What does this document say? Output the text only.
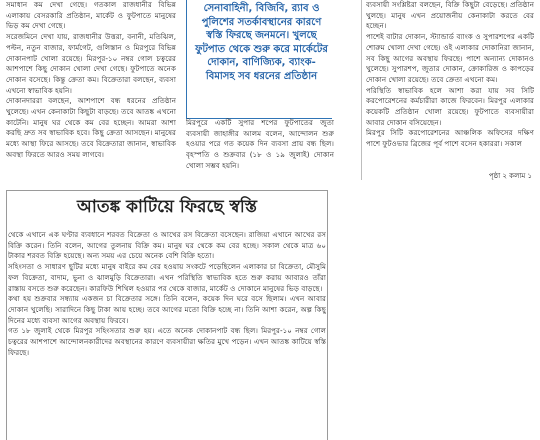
সমাধান কম দেখা গেছে। গতকাল রাজধানীর বিভিন্ন এলাকায় বেসরকারি প্রতিষ্ঠান, মার্কেট ও ফুটপাতে মানুষের ভিড় কম দেখা গেছে।

সরেজমিনে দেখা যায়, রাজধানীর উত্তরা, বনানী, মতিঝিল, পল্টন, নতুন বাজার, ফার্মগেট, গুলিস্তান ও মিরপুরে বিভিন্ন দোকানপাট খোলা রয়েছে। মিরপুর-১০ নম্বর গোল চত্বরের আশপাশে কিছু দোকান খোলা দেখা গেছে। ফুটপাতে অনেক দোকান বসেছে। কিন্তু ক্রেতা কম। বিক্রেতারা বলছেন, ব্যবসা এখনো স্বাভাবিক হয়নি।

দোকানদাররা বলছেন, আশপাশে বন্ধ ধরনের প্রতিষ্ঠান খুলেছে। এখন কেনাকাটা কিছুটা বাড়ছে। তবে আতঙ্ক এখনো কাটেনি। মানুষ ঘর থেকে কম বের হচ্ছেন। আমরা আশা করছি দ্রুত সব স্বাভাবিক হবে। কিছু ক্রেতা আসছেন। মানুষের মধ্যে আস্থা ফিরে আসছে। তবে বিক্রেতারা জানান, স্বাভাবিক অবস্থা ফিরতে আরও সময় লাগবে।

সেনাবাহিনী, বিজিবি, র‍্যাব ও পুলিশের সতর্কাবস্থানের কারণে স্বস্তি ফিরছে জনমনে। খুলছে ফুটপাত থেকে শুরু করে মার্কেটের দোকান, বাণিজ্যিক, ব্যাংক-বিমাসহ সব ধরনের প্রতিষ্ঠান

মিরপুরে একটি সুপার শপের ফুটপাতের জুতা ব্যবসায়ী জাহাঙ্গীর আলম বলেন, আন্দোলন শুরু হওয়ার পরে গত কয়েক দিন ব্যবসা প্রায় বন্ধ ছিল। বৃহস্পতি ও শুক্রবার (১৮ ও ১৯ জুলাই) দোকান খোলা সম্ভব হয়নি।

ব্যবসায়ী সংশ্লিষ্টরা বলছেন, বিক্রি কিছুটা বেড়েছে। প্রতিষ্ঠান খুলছে। মানুষ এখন প্রয়োজনীয় কেনাকাটা করতে বের হচ্ছেন।

পাশেই বাটার দোকান, স্ট্যান্ডার্ড ব্যাংক ও সুপারশপের একটি শোরুম খোলা দেখা গেছে। ওই এলাকার দোকানিরা জানান, সব কিছু আগের অবস্থায় ফিরছে। পাশে অন্যান্য দোকানও খুলেছে। সুপারশপ, জুতার দোকান, ক্রোকারিজ ও কাপড়ের দোকান খোলা রয়েছে। তবে ক্রেতা এখনো কম।

পরিস্থিতি স্বাভাবিক হলে আশা করা যায় সব সিটি করপোরেশনের কর্মচারীরা কাজে ফিরবেন। মিরপুর এলাকার কয়েকটি প্রতিষ্ঠান খোলা রয়েছে। ফুটপাতে ব্যবসায়ীরা আবার দোকান বসিয়েছেন।

মিরপুর সিটি করপোরেশনের আঞ্চলিক অফিসের দক্ষিণ পাশে ফুটওভার ব্রিজের পূর্ব পাশে বসেন হকাররা। সকাল

পৃষ্ঠা ২ কলাম ১
আতঙ্ক কাটিয়ে ফিরছে স্বস্তি

থেকে এখানে এক ঘণ্টার ব্যবধানে শরবত বিক্রেতা ও আখের রস বিক্রেতা বসেছেন। রাজিয়া এখানে আখের রস বিক্রি করেন। তিনি বলেন, আগের তুলনায় বিক্রি কম। মানুষ ঘর থেকে কম বের হচ্ছে। সকাল থেকে মাত্র ৬০ টাকার শরবত বিক্রি হয়েছে। অন্য সময় এর চেয়ে অনেক বেশি বিক্রি হতো।

সহিংসতা ও সাধারণ ছুটির মধ্যে মানুষ বাইরে কম বের হওয়ায় সংকটে পড়েছিলেন এলাকার চা বিক্রেতা, মৌসুমি ফল বিক্রেতা, বাদাম, ভুনা ও ঝালমুড়ি বিক্রেতারা। এখন পরিস্থিতি স্বাভাবিক হতে শুরু করায় আবারও তাঁরা রাস্তায় বসতে শুরু করেছেন। কারফিউ শিথিল হওয়ার পর থেকে বাজার, মার্কেট ও দোকানে মানুষের ভিড় বাড়ছে।

কথা হয় শুক্রবার সন্ধ্যায় একজন চা বিক্রেতার সঙ্গে। তিনি বলেন, কয়েক দিন ঘরে বসে ছিলাম। এখন আবার দোকান খুলেছি। সারাদিনে কিছু টাকা আয় হচ্ছে। তবে আগের মতো বিক্রি হচ্ছে না। তিনি আশা করেন, অল্প কিছু দিনের মধ্যে ব্যবসা আগের অবস্থায় ফিরবে।

গত ১৮ জুলাই থেকে মিরপুর সহিংসতার শুরু হয়। এতে অনেক দোকানপাট বন্ধ ছিল। মিরপুর-১০ নম্বর গোল চত্বরের আশপাশে আন্দোলনকারীদের অবস্থানের কারণে ব্যবসায়ীরা ক্ষতির মুখে পড়েন। এখন আতঙ্ক কাটিয়ে স্বস্তি ফিরছে।
